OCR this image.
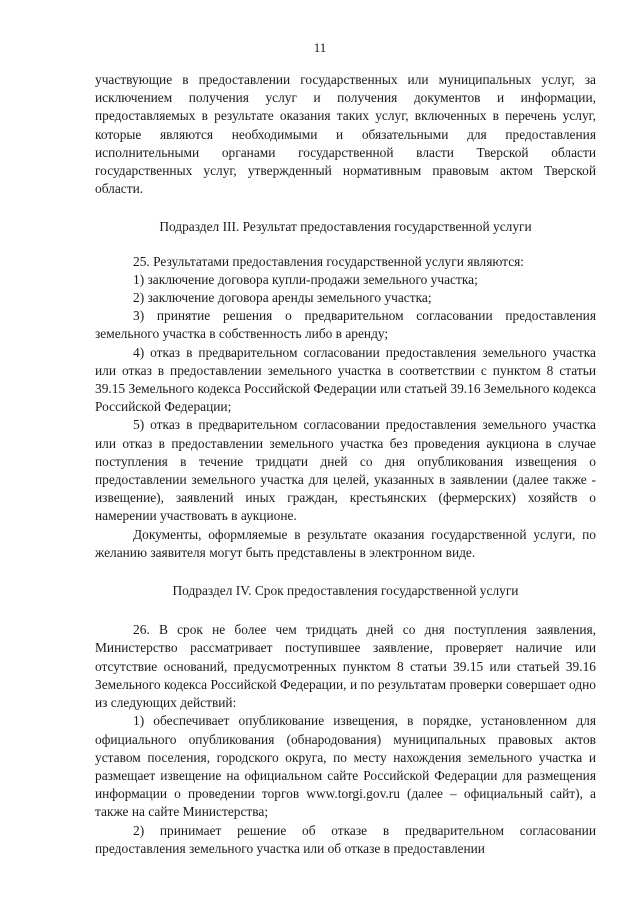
11

участвующие в предоставлении государственных или муниципальных услуг, за исключением получения услуг и получения документов и информации, предоставляемых в результате оказания таких услуг, включенных в перечень услуг, которые являются необходимыми и обязательными для предоставления исполнительными органами государственной власти Тверской области государственных услуг, утвержденный нормативным правовым актом Тверской области.

Подраздел III. Результат предоставления государственной услуги

25. Результатами предоставления государственной услуги являются:

1) заключение договора купли-продажи земельного участка;

2) заключение договора аренды земельного участка;

3) принятие решения о предварительном согласовании предоставления земельного участка в собственность либо в аренду;

4) отказ в предварительном согласовании предоставления земельного участка или отказ в предоставлении земельного участка в соответствии с пунктом 8 статьи 39.15 Земельного кодекса Российской Федерации или статьей 39.16 Земельного кодекса Российской Федерации;

5) отказ в предварительном согласовании предоставления земельного участка или отказ в предоставлении земельного участка без проведения аукциона в случае поступления в течение тридцати дней со дня опубликования извещения о предоставлении земельного участка для целей, указанных в заявлении (далее также - извещение), заявлений иных граждан, крестьянских (фермерских) хозяйств о намерении участвовать в аукционе.

Документы, оформляемые в результате оказания государственной услуги, по желанию заявителя могут быть представлены в электронном виде.

Подраздел IV. Срок предоставления государственной услуги

26. В срок не более чем тридцать дней со дня поступления заявления, Министерство рассматривает поступившее заявление, проверяет наличие или отсутствие оснований, предусмотренных пунктом 8 статьи 39.15 или статьей 39.16 Земельного кодекса Российской Федерации, и по результатам проверки совершает одно из следующих действий:

1) обеспечивает опубликование извещения, в порядке, установленном для официального опубликования (обнародования) муниципальных правовых актов уставом поселения, городского округа, по месту нахождения земельного участка и размещает извещение на официальном сайте Российской Федерации для размещения информации о проведении торгов www.torgi.gov.ru (далее – официальный сайт), а также на сайте Министерства;

2) принимает решение об отказе в предварительном согласовании предоставления земельного участка или об отказе в предоставлении
